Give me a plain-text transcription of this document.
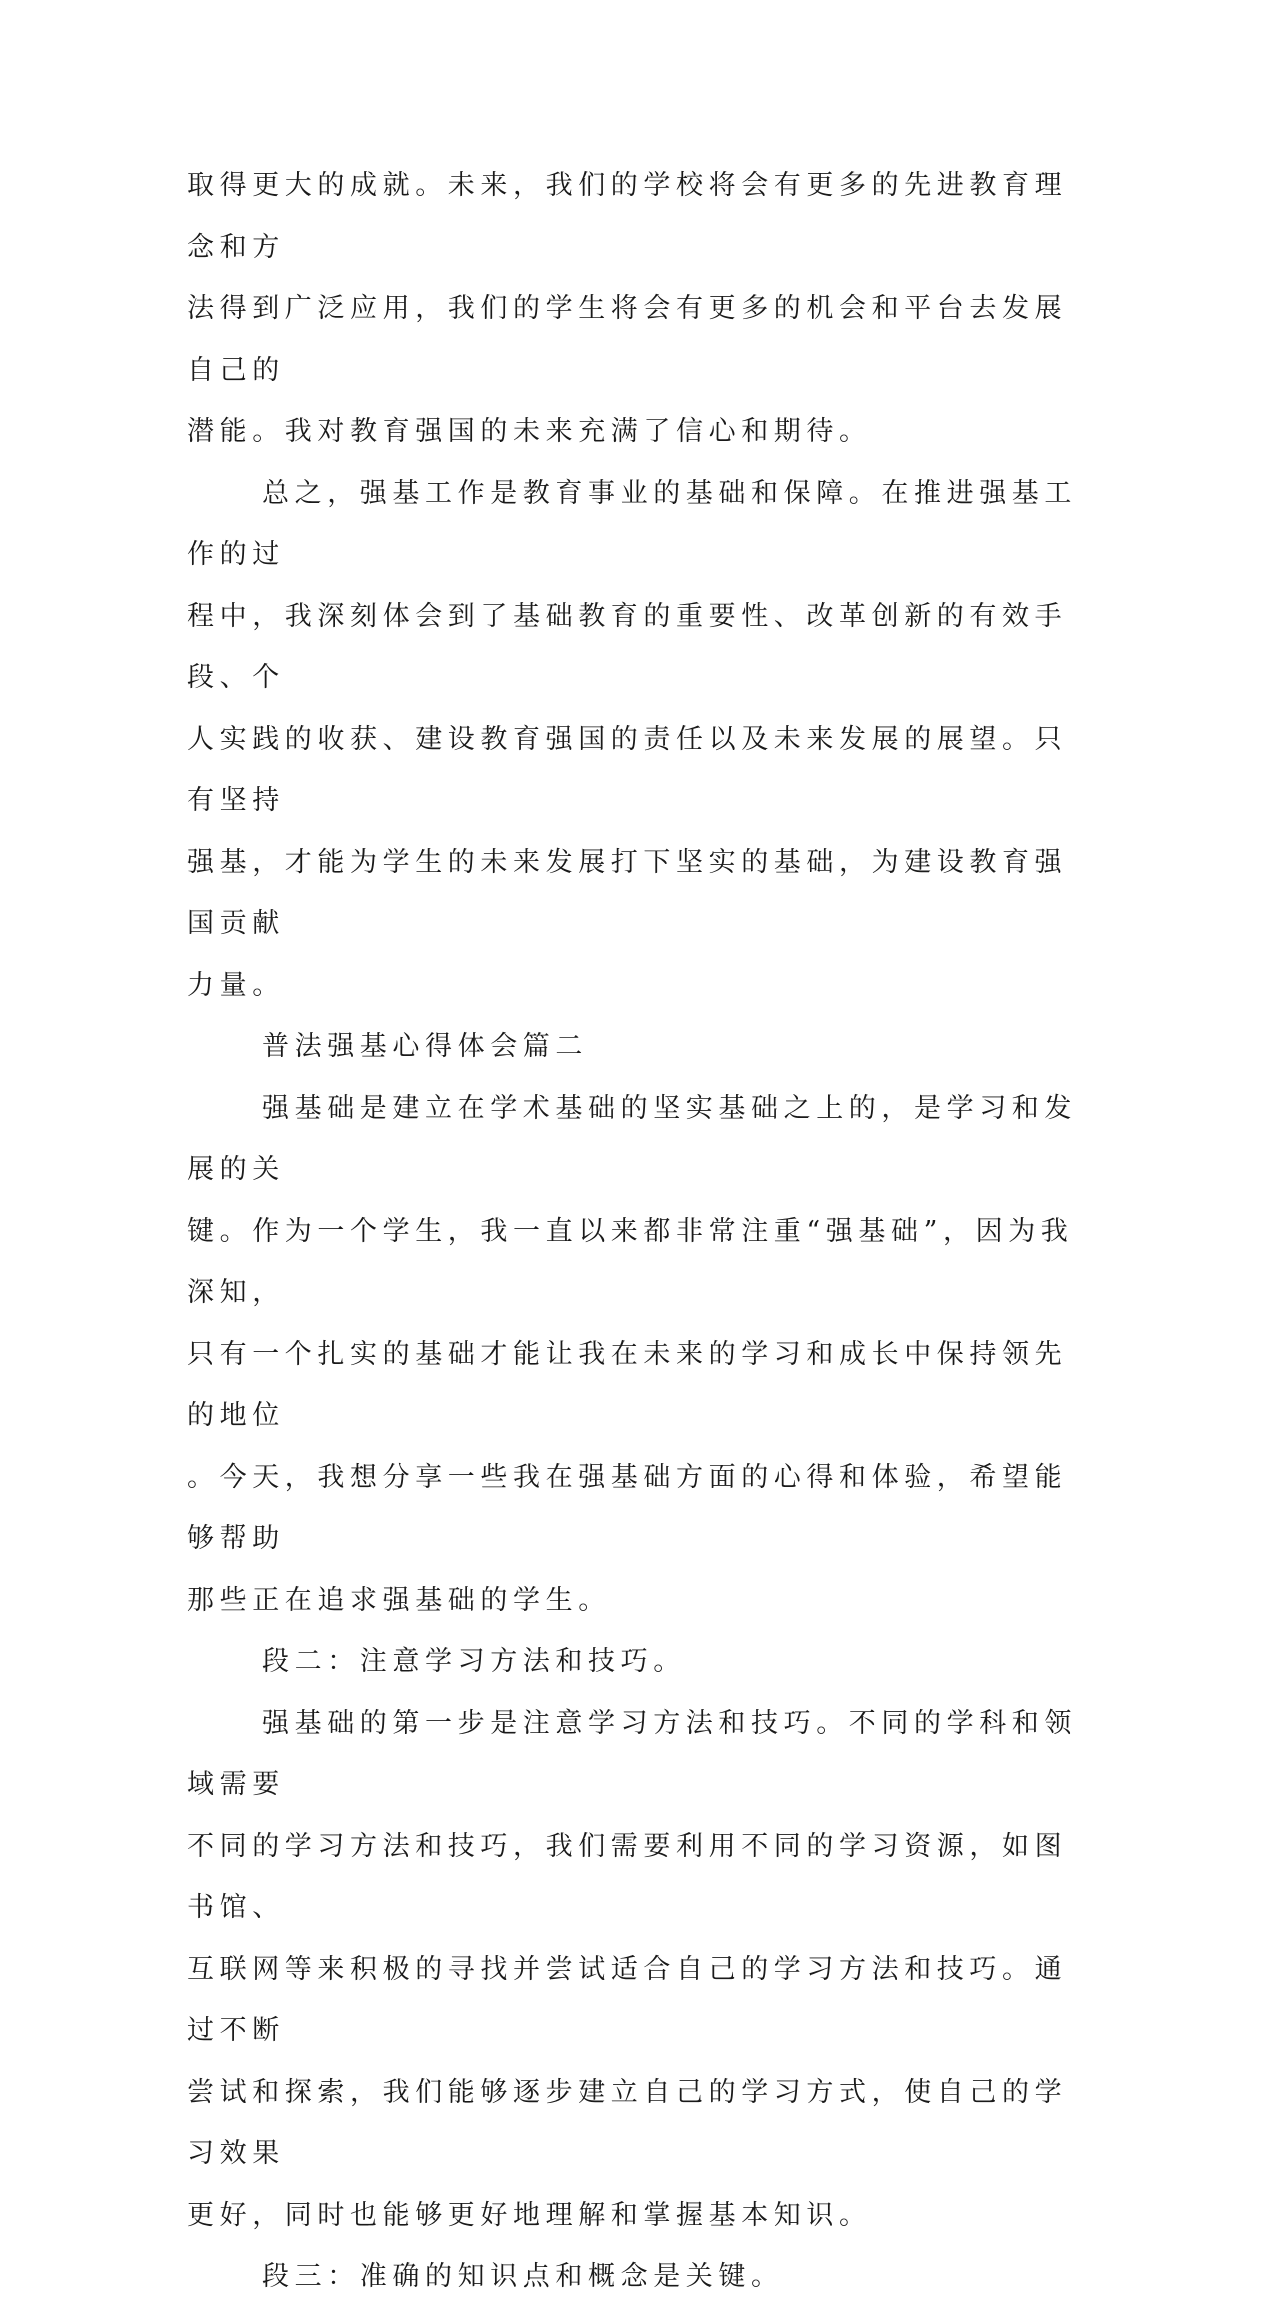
取得更大的成就。未来，我们的学校将会有更多的先进教育理念和方
法得到广泛应用，我们的学生将会有更多的机会和平台去发展自己的
潜能。我对教育强国的未来充满了信心和期待。

总之，强基工作是教育事业的基础和保障。在推进强基工作的过
程中，我深刻体会到了基础教育的重要性、改革创新的有效手段、个
人实践的收获、建设教育强国的责任以及未来发展的展望。只有坚持
强基，才能为学生的未来发展打下坚实的基础，为建设教育强国贡献
力量。

普法强基心得体会篇二

强基础是建立在学术基础的坚实基础之上的，是学习和发展的关
键。作为一个学生，我一直以来都非常注重“强基础”，因为我深知，
只有一个扎实的基础才能让我在未来的学习和成长中保持领先的地位
。今天，我想分享一些我在强基础方面的心得和体验，希望能够帮助
那些正在追求强基础的学生。

段二：注意学习方法和技巧。

强基础的第一步是注意学习方法和技巧。不同的学科和领域需要
不同的学习方法和技巧，我们需要利用不同的学习资源，如图书馆、
互联网等来积极的寻找并尝试适合自己的学习方法和技巧。通过不断
尝试和探索，我们能够逐步建立自己的学习方式，使自己的学习效果
更好，同时也能够更好地理解和掌握基本知识。

段三：准确的知识点和概念是关键。
